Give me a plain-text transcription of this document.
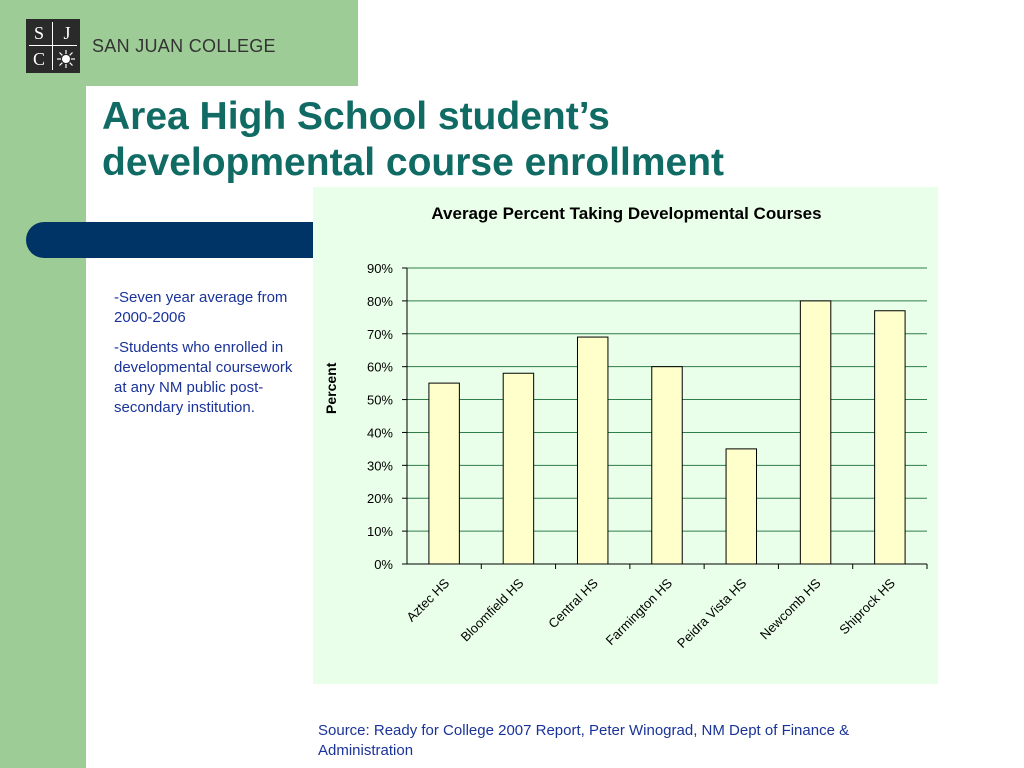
S	J
C
SAN JUAN COLLEGE
Area High School student’s
developmental course enrollment

-Seven year average from 2000-2006

-Students who enrolled in developmental coursework at any NM public post-secondary institution.

Average Percent Taking Developmental Courses
0%
10%
20%
30%
40%
50%
60%
70%
80%
90%
Aztec HS Bloomfield HS Central HS Farmington HS
Peidra Vista HS Newcomb HS Shiprock HS
Percent
Source: Ready for College 2007 Report, Peter Winograd, NM Dept of Finance & Administration
